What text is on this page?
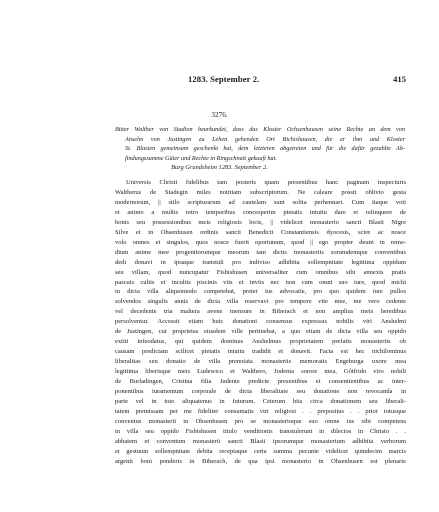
1283. September 2.	415
3276.
Bitter Walther von Stadion beurkundet, dass das Kloster Ochsenhausen seine Rechte an dem von
Anselm von Justingen zu Lehen gehenden Ort Bichishausen, die er ihm und Kloster
St. Blasien gemeinsam geschenkt hat, dem letzteren abgetreten und für die dafür gezahlte Ab-
findungssumme Güter und Rechte in Ringschnait gekauft hat.
Burg Grundsheim 1283. September 2.
Universis Christi fidelibus tam posteris quam presentibus hanc paginam inspecturis
Waltherus de Stadegin miles notitiam subscriptorum. Ne caleare possit oblivio gesta
modernorum, || stilo scripturarum ad cautelam sunt solita perhennari. Cum itaque voti
et animo a multis retro temporibus concesperim pietatis intuitu dare et relinquere de
bonis seu possessionibus meis religiosis locis, || videlicet monasterio sancti Blasii Nigre
Silve et in Ohsenhusen ordinis sancti Benedicti Constantiensis dyocesis, scire ac nosce
volo omnes et singulos, quos nosce fuerit oportunum, quod || ego propter deum in reme-
dium anime mee progenitorumque meorum iam dictis monasteriis sorumdemque conventibus
dedi donavi in ipsaque transtuli pro indiviso adhibita sollempnitate legittima oppidum
seu villam, quod nuncupatur Fisbishusen universaliter cum omnibus sibi annexis pratis
pascuis cultis et incultis piscinis viis et inviis nec non cum omni suo iure, quod michi
in dicta villa aliquomodo competebat, preter ius advocatie, pro quo quidem iure pullos
solvendos singulis annis de dicta villa reservavi pro tempore vite mee, me vero cedente
vel decedente tria maltera avene mensure in Biberach et non amplius meis heredibus
persolventur. Accessit etiam huic donationi consensus expressus nobilis viri Anshelmi
de Justingen, cui proprietas eiusdem ville pertinebat, a quo etiam de dicta villa seu oppido
extiti infeodatus, qui quidem dominus Anshelmus proprietatem prefatis monasteriis ob
causam predictam scilicet pietatis intuitu tradidit et donavit. Facta est hec nichilominus
liberalitas seu donatio de villa prenotata monasteriis memoratis Engeburga uxore mea
legittima liberisque meis Ludewico et Walthero, Jodenta sorore mea, Gôtfrido viro nobili
de Burladingen, Cristina filia Judente predicte presentibus et consentientibus ac inter-
ponentibus iuramentum corporale de dicta liberalitate seu donatione non revocanda in
parte vel in toto aliquatenus in futurum. Ceterum hiis circa donationem seu liberali-
tatem premissam per me fideliter consumatis viri religiosi . . prepositus . . prior totusque
conventus monasterii in Ohsenhusen pro se monasterioque suo omne ius sibi competens
in villa seu oppido Fisbishusen titulo venditionis transtulerunt in dilectos in Christo . .
abbatem et conventum monasterii sancti Blasii ipsorumque monasterium adhibita verborum
et gestuum sollempnitate debita receptaque certa summa pecunie videlicet quindecim marcis
argenti boni ponderis in Biberach, de qua ipsi monasterio in Ohsenhusen est plenarie
